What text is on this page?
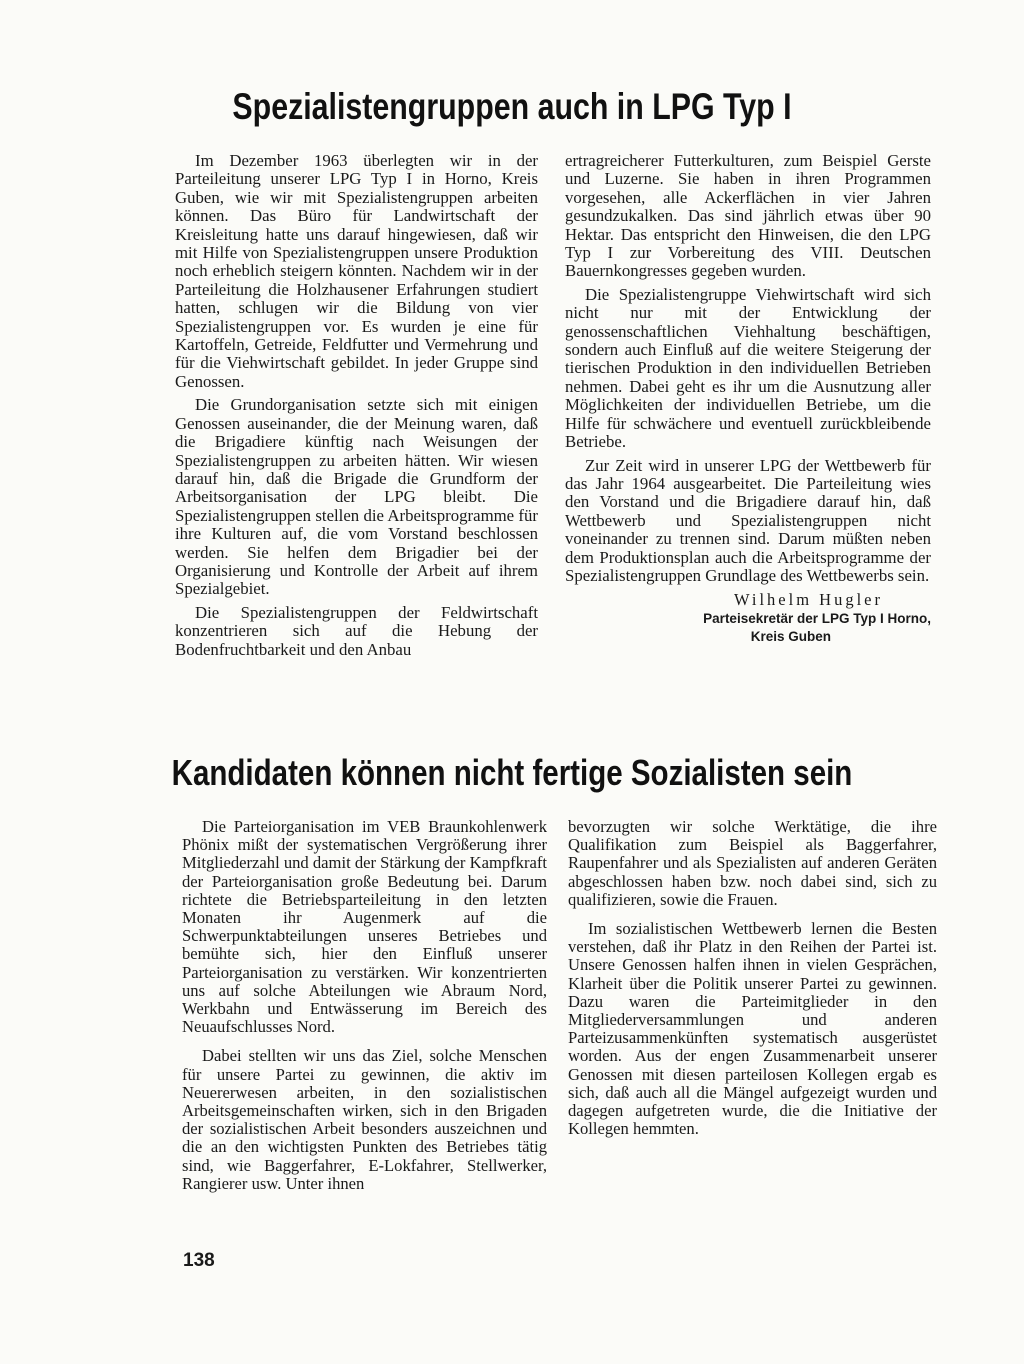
Spezialistengruppen auch in LPG Typ I

Im Dezember 1963 überlegten wir in der Parteileitung unserer LPG Typ I in Horno, Kreis Guben, wie wir mit Spezialistengruppen arbeiten können. Das Büro für Landwirtschaft der Kreisleitung hatte uns darauf hingewiesen, daß wir mit Hilfe von Spezialistengruppen unsere Produktion noch erheblich steigern könnten. Nachdem wir in der Parteileitung die Holzhausener Erfahrungen studiert hatten, schlugen wir die Bildung von vier Spezialistengruppen vor. Es wurden je eine für Kartoffeln, Getreide, Feldfutter und Vermehrung und für die Viehwirtschaft gebildet. In jeder Gruppe sind Genossen.

Die Grundorganisation setzte sich mit einigen Genossen auseinander, die der Meinung waren, daß die Brigadiere künftig nach Weisungen der Spezialistengruppen zu arbeiten hätten. Wir wiesen darauf hin, daß die Brigade die Grundform der Arbeitsorganisation der LPG bleibt. Die Spezialistengruppen stellen die Arbeitsprogramme für ihre Kulturen auf, die vom Vorstand beschlossen werden. Sie helfen dem Brigadier bei der Organisierung und Kontrolle der Arbeit auf ihrem Spezialgebiet.

Die Spezialistengruppen der Feldwirtschaft konzentrieren sich auf die Hebung der Bodenfruchtbarkeit und den Anbau

ertragreicherer Futterkulturen, zum Beispiel Gerste und Luzerne. Sie haben in ihren Programmen vorgesehen, alle Ackerflächen in vier Jahren gesundzukalken. Das sind jährlich etwas über 90 Hektar. Das entspricht den Hinweisen, die den LPG Typ I zur Vorbereitung des VIII. Deutschen Bauernkongresses gegeben wurden.

Die Spezialistengruppe Viehwirtschaft wird sich nicht nur mit der Entwicklung der genossenschaftlichen Viehhaltung beschäftigen, sondern auch Einfluß auf die weitere Steigerung der tierischen Produktion in den individuellen Betrieben nehmen. Dabei geht es ihr um die Ausnutzung aller Möglichkeiten der individuellen Betriebe, um die Hilfe für schwächere und eventuell zurückbleibende Betriebe.

Zur Zeit wird in unserer LPG der Wettbewerb für das Jahr 1964 ausgearbeitet. Die Parteileitung wies den Vorstand und die Brigadiere darauf hin, daß Wettbewerb und Spezialistengruppen nicht voneinander zu trennen sind. Darum müßten neben dem Produktionsplan auch die Arbeitsprogramme der Spezialistengruppen Grundlage des Wettbewerbs sein.

Wilhelm Hugler
Parteisekretär der LPG Typ I Horno,
Kreis Guben
Kandidaten können nicht fertige Sozialisten sein

Die Parteiorganisation im VEB Braunkohlenwerk Phönix mißt der systematischen Vergrößerung ihrer Mitgliederzahl und damit der Stärkung der Kampfkraft der Parteiorganisation große Bedeutung bei. Darum richtete die Betriebsparteileitung in den letzten Monaten ihr Augenmerk auf die Schwerpunktabteilungen unseres Betriebes und bemühte sich, hier den Einfluß unserer Parteiorganisation zu verstärken. Wir konzentrierten uns auf solche Abteilungen wie Abraum Nord, Werkbahn und Entwässerung im Bereich des Neuaufschlusses Nord.

Dabei stellten wir uns das Ziel, solche Menschen für unsere Partei zu gewinnen, die aktiv im Neuererwesen arbeiten, in den sozialistischen Arbeitsgemeinschaften wirken, sich in den Brigaden der sozialistischen Arbeit besonders auszeichnen und die an den wichtigsten Punkten des Betriebes tätig sind, wie Baggerfahrer, E-Lokfahrer, Stellwerker, Rangierer usw. Unter ihnen

bevorzugten wir solche Werktätige, die ihre Qualifikation zum Beispiel als Baggerfahrer, Raupenfahrer und als Spezialisten auf anderen Geräten abgeschlossen haben bzw. noch dabei sind, sich zu qualifizieren, sowie die Frauen.

Im sozialistischen Wettbewerb lernen die Besten verstehen, daß ihr Platz in den Reihen der Partei ist. Unsere Genossen halfen ihnen in vielen Gesprächen, Klarheit über die Politik unserer Partei zu gewinnen. Dazu waren die Parteimitglieder in den Mitgliederversammlungen und anderen Parteizusammenkünften systematisch ausgerüstet worden. Aus der engen Zusammenarbeit unserer Genossen mit diesen parteilosen Kollegen ergab es sich, daß auch all die Mängel aufgezeigt wurden und dagegen aufgetreten wurde, die die Initiative der Kollegen hemmten.

138
